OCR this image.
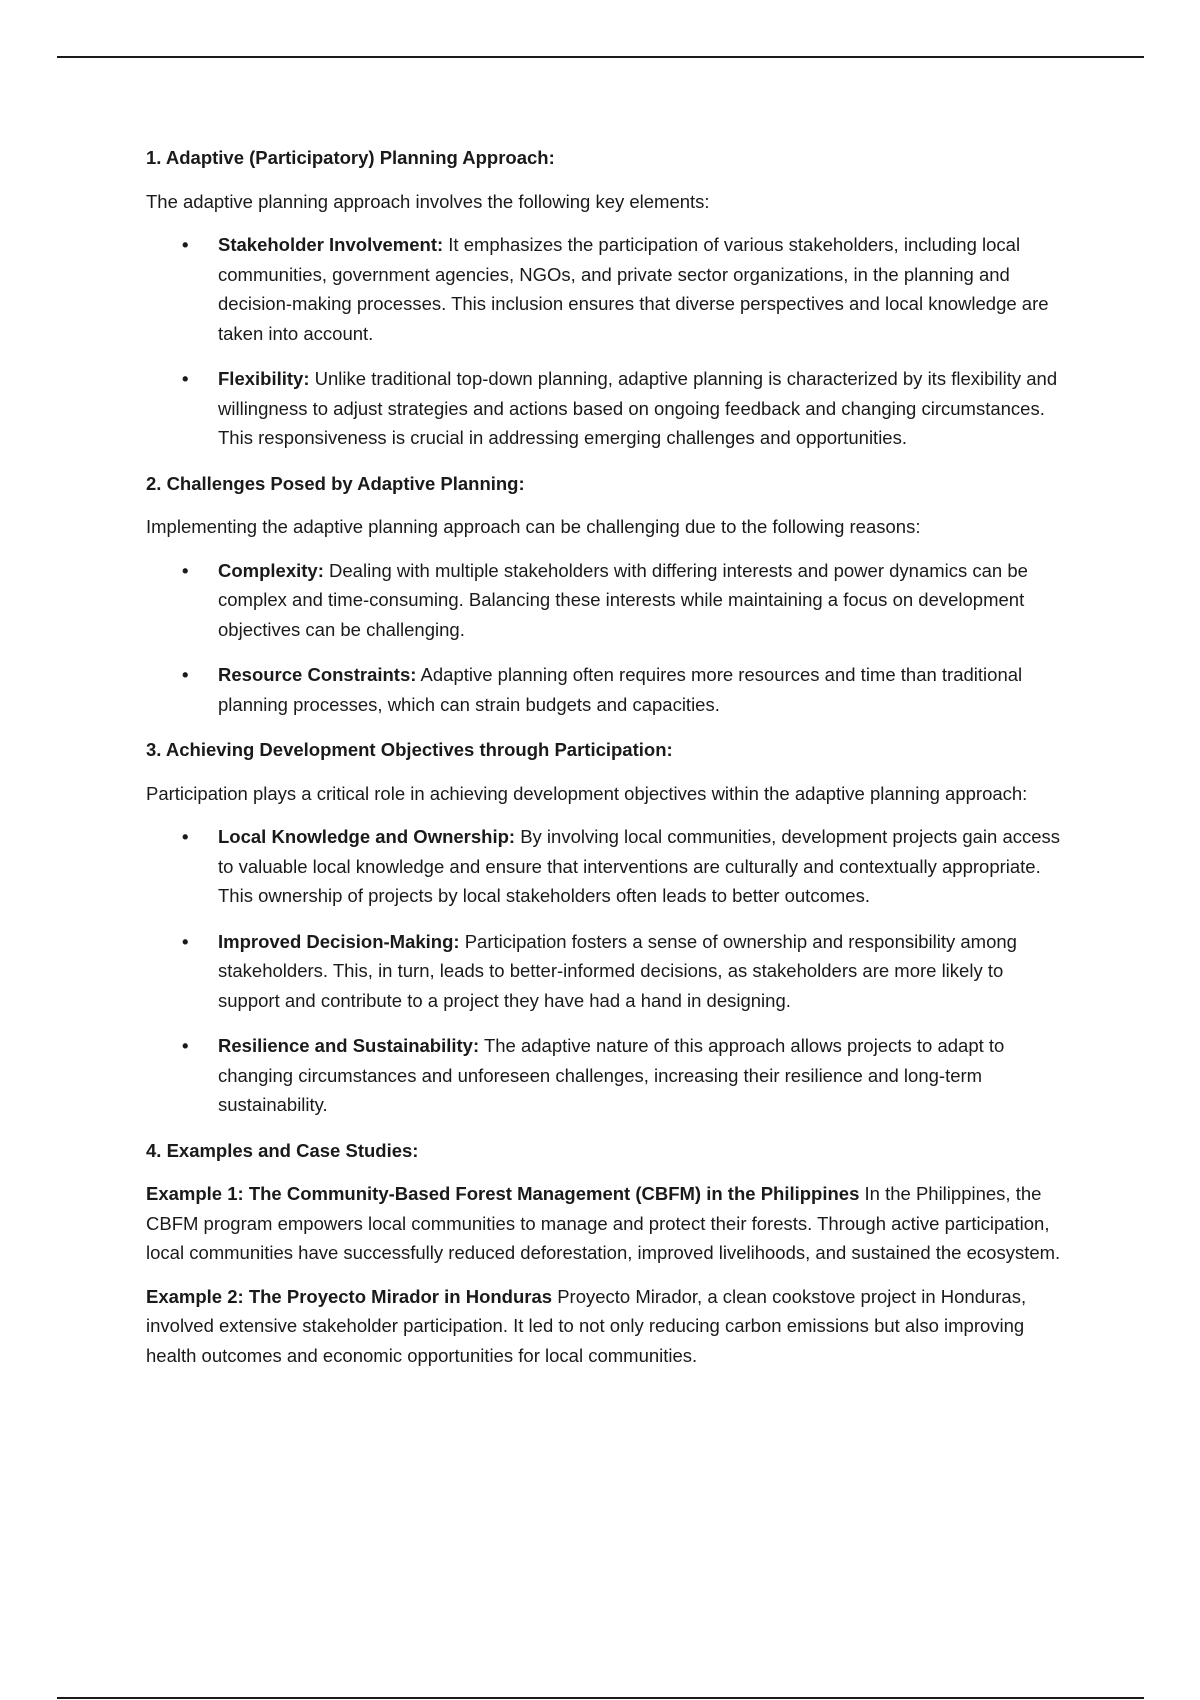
1. Adaptive (Participatory) Planning Approach:
The adaptive planning approach involves the following key elements:
• Stakeholder Involvement: It emphasizes the participation of various stakeholders, including local communities, government agencies, NGOs, and private sector organizations, in the planning and decision-making processes. This inclusion ensures that diverse perspectives and local knowledge are taken into account.
• Flexibility: Unlike traditional top-down planning, adaptive planning is characterized by its flexibility and willingness to adjust strategies and actions based on ongoing feedback and changing circumstances. This responsiveness is crucial in addressing emerging challenges and opportunities.
2. Challenges Posed by Adaptive Planning:
Implementing the adaptive planning approach can be challenging due to the following reasons:
• Complexity: Dealing with multiple stakeholders with differing interests and power dynamics can be complex and time-consuming. Balancing these interests while maintaining a focus on development objectives can be challenging.
• Resource Constraints: Adaptive planning often requires more resources and time than traditional planning processes, which can strain budgets and capacities.
3. Achieving Development Objectives through Participation:
Participation plays a critical role in achieving development objectives within the adaptive planning approach:
• Local Knowledge and Ownership: By involving local communities, development projects gain access to valuable local knowledge and ensure that interventions are culturally and contextually appropriate. This ownership of projects by local stakeholders often leads to better outcomes.
• Improved Decision-Making: Participation fosters a sense of ownership and responsibility among stakeholders. This, in turn, leads to better-informed decisions, as stakeholders are more likely to support and contribute to a project they have had a hand in designing.
• Resilience and Sustainability: The adaptive nature of this approach allows projects to adapt to changing circumstances and unforeseen challenges, increasing their resilience and long-term sustainability.
4. Examples and Case Studies:
Example 1: The Community-Based Forest Management (CBFM) in the Philippines In the Philippines, the CBFM program empowers local communities to manage and protect their forests. Through active participation, local communities have successfully reduced deforestation, improved livelihoods, and sustained the ecosystem.
Example 2: The Proyecto Mirador in Honduras Proyecto Mirador, a clean cookstove project in Honduras, involved extensive stakeholder participation. It led to not only reducing carbon emissions but also improving health outcomes and economic opportunities for local communities.
